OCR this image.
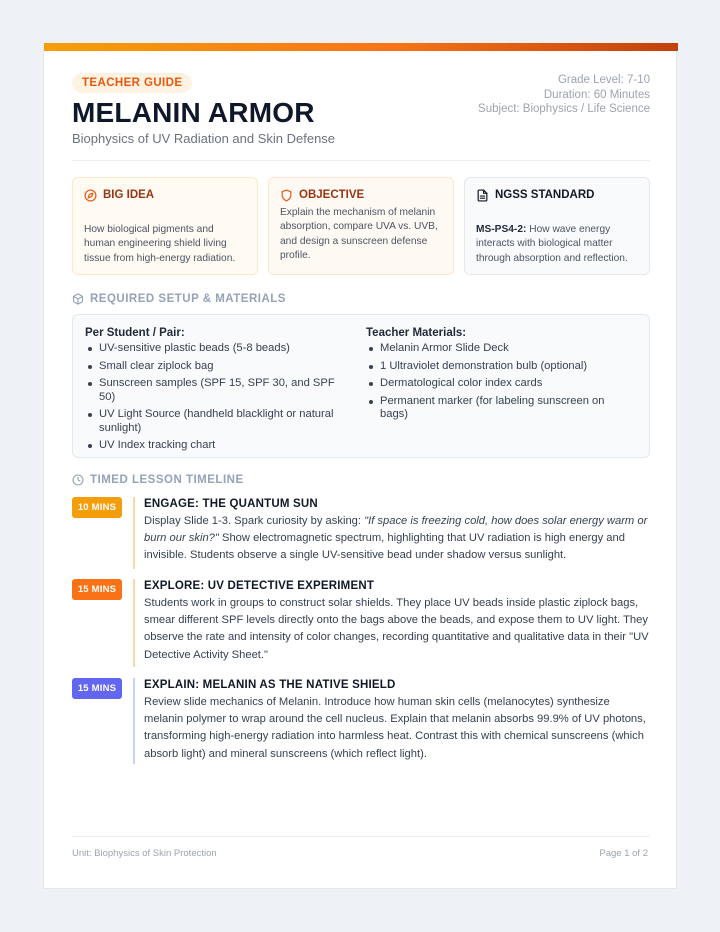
TEACHER GUIDE
MELANIN ARMOR
Biophysics of UV Radiation and Skin Defense
Grade Level: 7-10
Duration: 60 Minutes
Subject: Biophysics / Life Science
BIG IDEA
How biological pigments and human engineering shield living tissue from high-energy radiation.
OBJECTIVE
Explain the mechanism of melanin absorption, compare UVA vs. UVB, and design a sunscreen defense profile.
NGSS STANDARD
MS-PS4-2: How wave energy interacts with biological matter through absorption and reflection.
REQUIRED SETUP & MATERIALS
Per Student / Pair:
UV-sensitive plastic beads (5-8 beads)
Small clear ziplock bag
Sunscreen samples (SPF 15, SPF 30, and SPF 50)
UV Light Source (handheld blacklight or natural sunlight)
UV Index tracking chart
Teacher Materials:
Melanin Armor Slide Deck
1 Ultraviolet demonstration bulb (optional)
Dermatological color index cards
Permanent marker (for labeling sunscreen on bags)
TIMED LESSON TIMELINE
10 MINS	ENGAGE: THE QUANTUM SUN
Display Slide 1-3. Spark curiosity by asking: "If space is freezing cold, how does solar energy warm or burn our skin?" Show electromagnetic spectrum, highlighting that UV radiation is high energy and invisible. Students observe a single UV-sensitive bead under shadow versus sunlight.
15 MINS	EXPLORE: UV DETECTIVE EXPERIMENT
Students work in groups to construct solar shields. They place UV beads inside plastic ziplock bags, smear different SPF levels directly onto the bags above the beads, and expose them to UV light. They observe the rate and intensity of color changes, recording quantitative and qualitative data in their "UV Detective Activity Sheet."
15 MINS	EXPLAIN: MELANIN AS THE NATIVE SHIELD
Review slide mechanics of Melanin. Introduce how human skin cells (melanocytes) synthesize melanin polymer to wrap around the cell nucleus. Explain that melanin absorbs 99.9% of UV photons, transforming high-energy radiation into harmless heat. Contrast this with chemical sunscreens (which absorb light) and mineral sunscreens (which reflect light).
Unit: Biophysics of Skin Protection	Page 1 of 2
